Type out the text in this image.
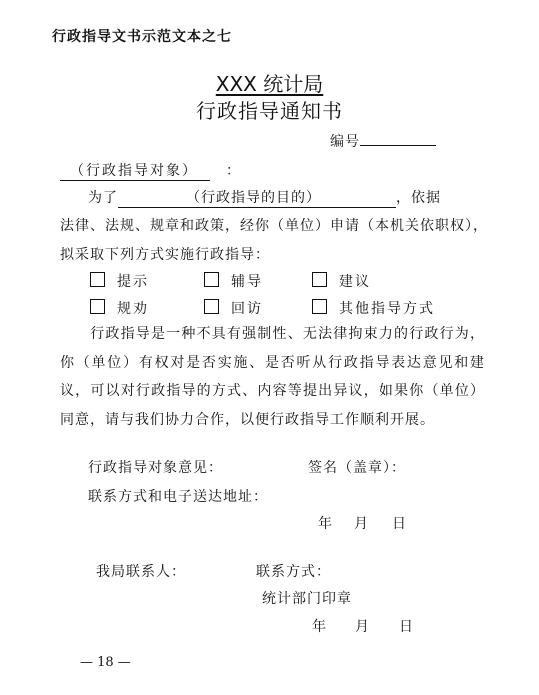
行政指导文书示范文本之七
XXX 统计局
行政指导通知书
编号
（行政指导对象） ：
为了	（行政指导的目的）	，依据
法律、法规、规章和政策，经你（单位）申请（本机关依职权），
拟采取下列方式实施行政指导：
提示	辅导	建议
规劝	回访	其他指导方式
行政指导是一种不具有强制性、无法律拘束力的行政行为，你（单位）有权对是否实施、是否听从行政指导表达意见和建议，可以对行政指导的方式、内容等提出异议，如果你（单位）同意，请与我们协力合作，以便行政指导工作顺利开展。
行政指导对象意见：	签名（盖章）：
联系方式和电子送达地址：
年 月 日
我局联系人：	联系方式：
统计部门印章
年 月 日
— 18 —
